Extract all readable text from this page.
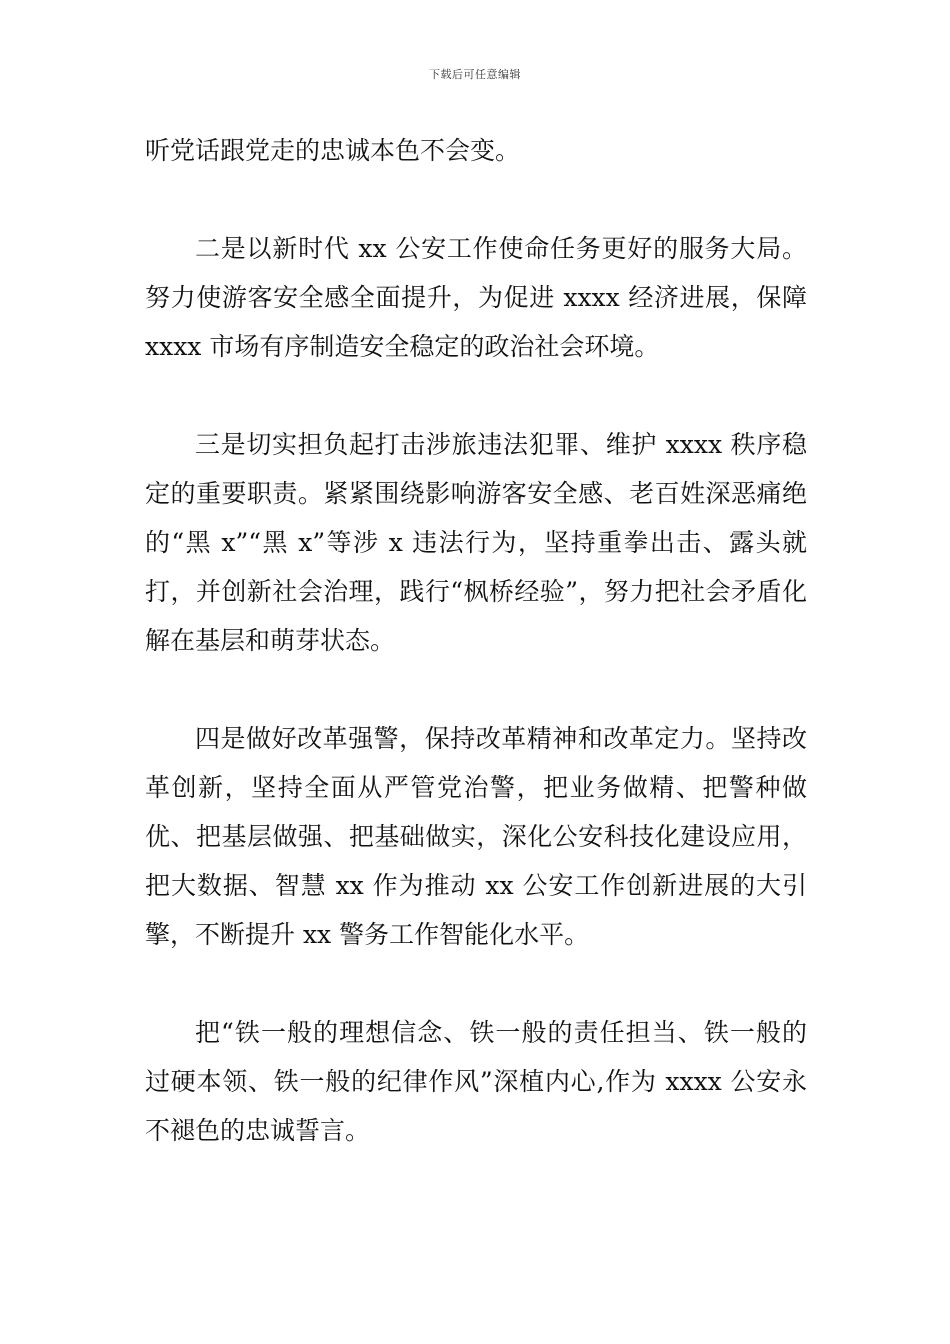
下载后可任意编辑

听党话跟党走的忠诚本色不会变。

二是以新时代 xx 公安工作使命任务更好的服务大局。努力使游客安全感全面提升，为促进 xxxx 经济进展，保障 xxxx 市场有序制造安全稳定的政治社会环境。

三是切实担负起打击涉旅违法犯罪、维护 xxxx 秩序稳定的重要职责。紧紧围绕影响游客安全感、老百姓深恶痛绝的“黑 x”“黑 x”等涉 x 违法行为，坚持重拳出击、露头就打，并创新社会治理，践行“枫桥经验”，努力把社会矛盾化解在基层和萌芽状态。

四是做好改革强警，保持改革精神和改革定力。坚持改革创新，坚持全面从严管党治警，把业务做精、把警种做优、把基层做强、把基础做实，深化公安科技化建设应用，把大数据、智慧 xx 作为推动 xx 公安工作创新进展的大引擎，不断提升 xx 警务工作智能化水平。

把“铁一般的理想信念、铁一般的责任担当、铁一般的过硬本领、铁一般的纪律作风”深植内心,作为 xxxx 公安永不褪色的忠诚誓言。
